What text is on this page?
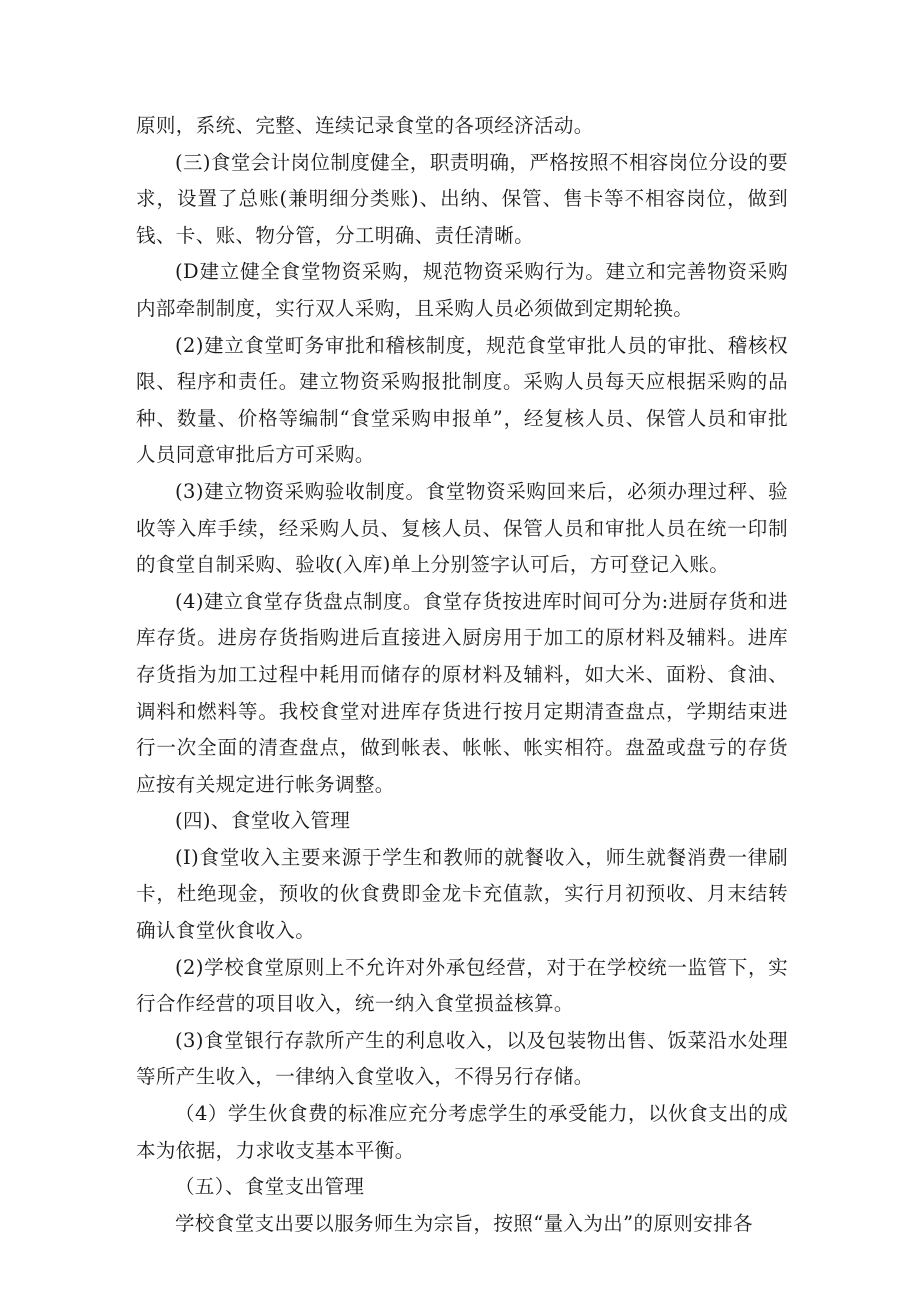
原则，系统、完整、连续记录食堂的各项经济活动。

(三)食堂会计岗位制度健全，职责明确，严格按照不相容岗位分设的要求，设置了总账(兼明细分类账)、出纳、保管、售卡等不相容岗位，做到钱、卡、账、物分管，分工明确、责任清晰。

(D建立健全食堂物资采购，规范物资采购行为。建立和完善物资采购内部牵制制度，实行双人采购，且采购人员必须做到定期轮换。

(2)建立食堂町务审批和稽核制度，规范食堂审批人员的审批、稽核权限、程序和责任。建立物资采购报批制度。采购人员每天应根据采购的品种、数量、价格等编制“食堂采购申报单”，经复核人员、保管人员和审批人员同意审批后方可采购。

(3)建立物资采购验收制度。食堂物资采购回来后，必须办理过秤、验收等入库手续，经采购人员、复核人员、保管人员和审批人员在统一印制的食堂自制采购、验收(入库)单上分别签字认可后，方可登记入账。

(4)建立食堂存货盘点制度。食堂存货按进库时间可分为:进厨存货和进库存货。进房存货指购进后直接进入厨房用于加工的原材料及辅料。进库存货指为加工过程中耗用而储存的原材料及辅料，如大米、面粉、食油、调料和燃料等。我校食堂对进库存货进行按月定期清查盘点，学期结束进行一次全面的清查盘点，做到帐表、帐帐、帐实相符。盘盈或盘亏的存货应按有关规定进行帐务调整。

(四)、食堂收入管理

(I)食堂收入主要来源于学生和教师的就餐收入，师生就餐消费一律刷卡，杜绝现金，预收的伙食费即金龙卡充值款，实行月初预收、月末结转确认食堂伙食收入。

(2)学校食堂原则上不允许对外承包经营，对于在学校统一监管下，实行合作经营的项目收入，统一纳入食堂损益核算。

(3)食堂银行存款所产生的利息收入，以及包装物出售、饭菜沿水处理等所产生收入，一律纳入食堂收入，不得另行存储。

（4）学生伙食费的标准应充分考虑学生的承受能力，以伙食支出的成本为依据，力求收支基本平衡。

（五）、食堂支出管理

学校食堂支出要以服务师生为宗旨，按照“量入为出”的原则安排各
